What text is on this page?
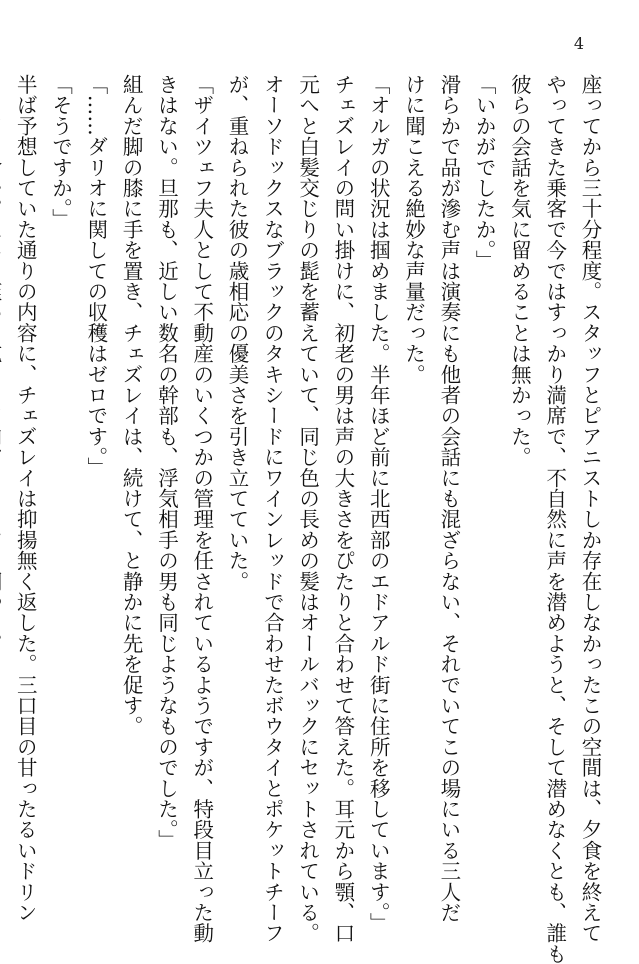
4
座ってから三十分程度。スタッフとピアニストしか存在しなかったこの空間は、夕食を終えて
やってきた乗客で今ではすっかり満席で、不自然に声を潜めようと、そして潜めなくとも、誰も
彼らの会話を気に留めることは無かった。
「いかがでしたか。」
滑らかで品が滲む声は演奏にも他者の会話にも混ざらない、それでいてこの場にいる三人だ
けに聞こえる絶妙な声量だった。
「オルガの状況は掴めました。半年ほど前に北西部のエドアルド街に住所を移しています。」
チェズレイの問い掛けに、初老の男は声の大きさをぴたりと合わせて答えた。耳元から顎、口
元へと白髪交じりの髭を蓄えていて、同じ色の長めの髪はオールバックにセットされている。
オーソドックスなブラックのタキシードにワインレッドで合わせたボウタイとポケットチーフ
が、重ねられた彼の歳相応の優美さを引き立てていた。
「ザイツェフ夫人として不動産のいくつかの管理を任されているようですが、特段目立った動
きはない。旦那も、近しい数名の幹部も、浮気相手の男も同じようなものでした。」
組んだ脚の膝に手を置き、チェズレイは、続けて、と静かに先を促す。
「……ダリオに関しての収穫はゼロです。」
「そうですか。」
半ば予想していた通りの内容に、チェズレイは抑揚無く返した。三口目の甘ったるいドリン
